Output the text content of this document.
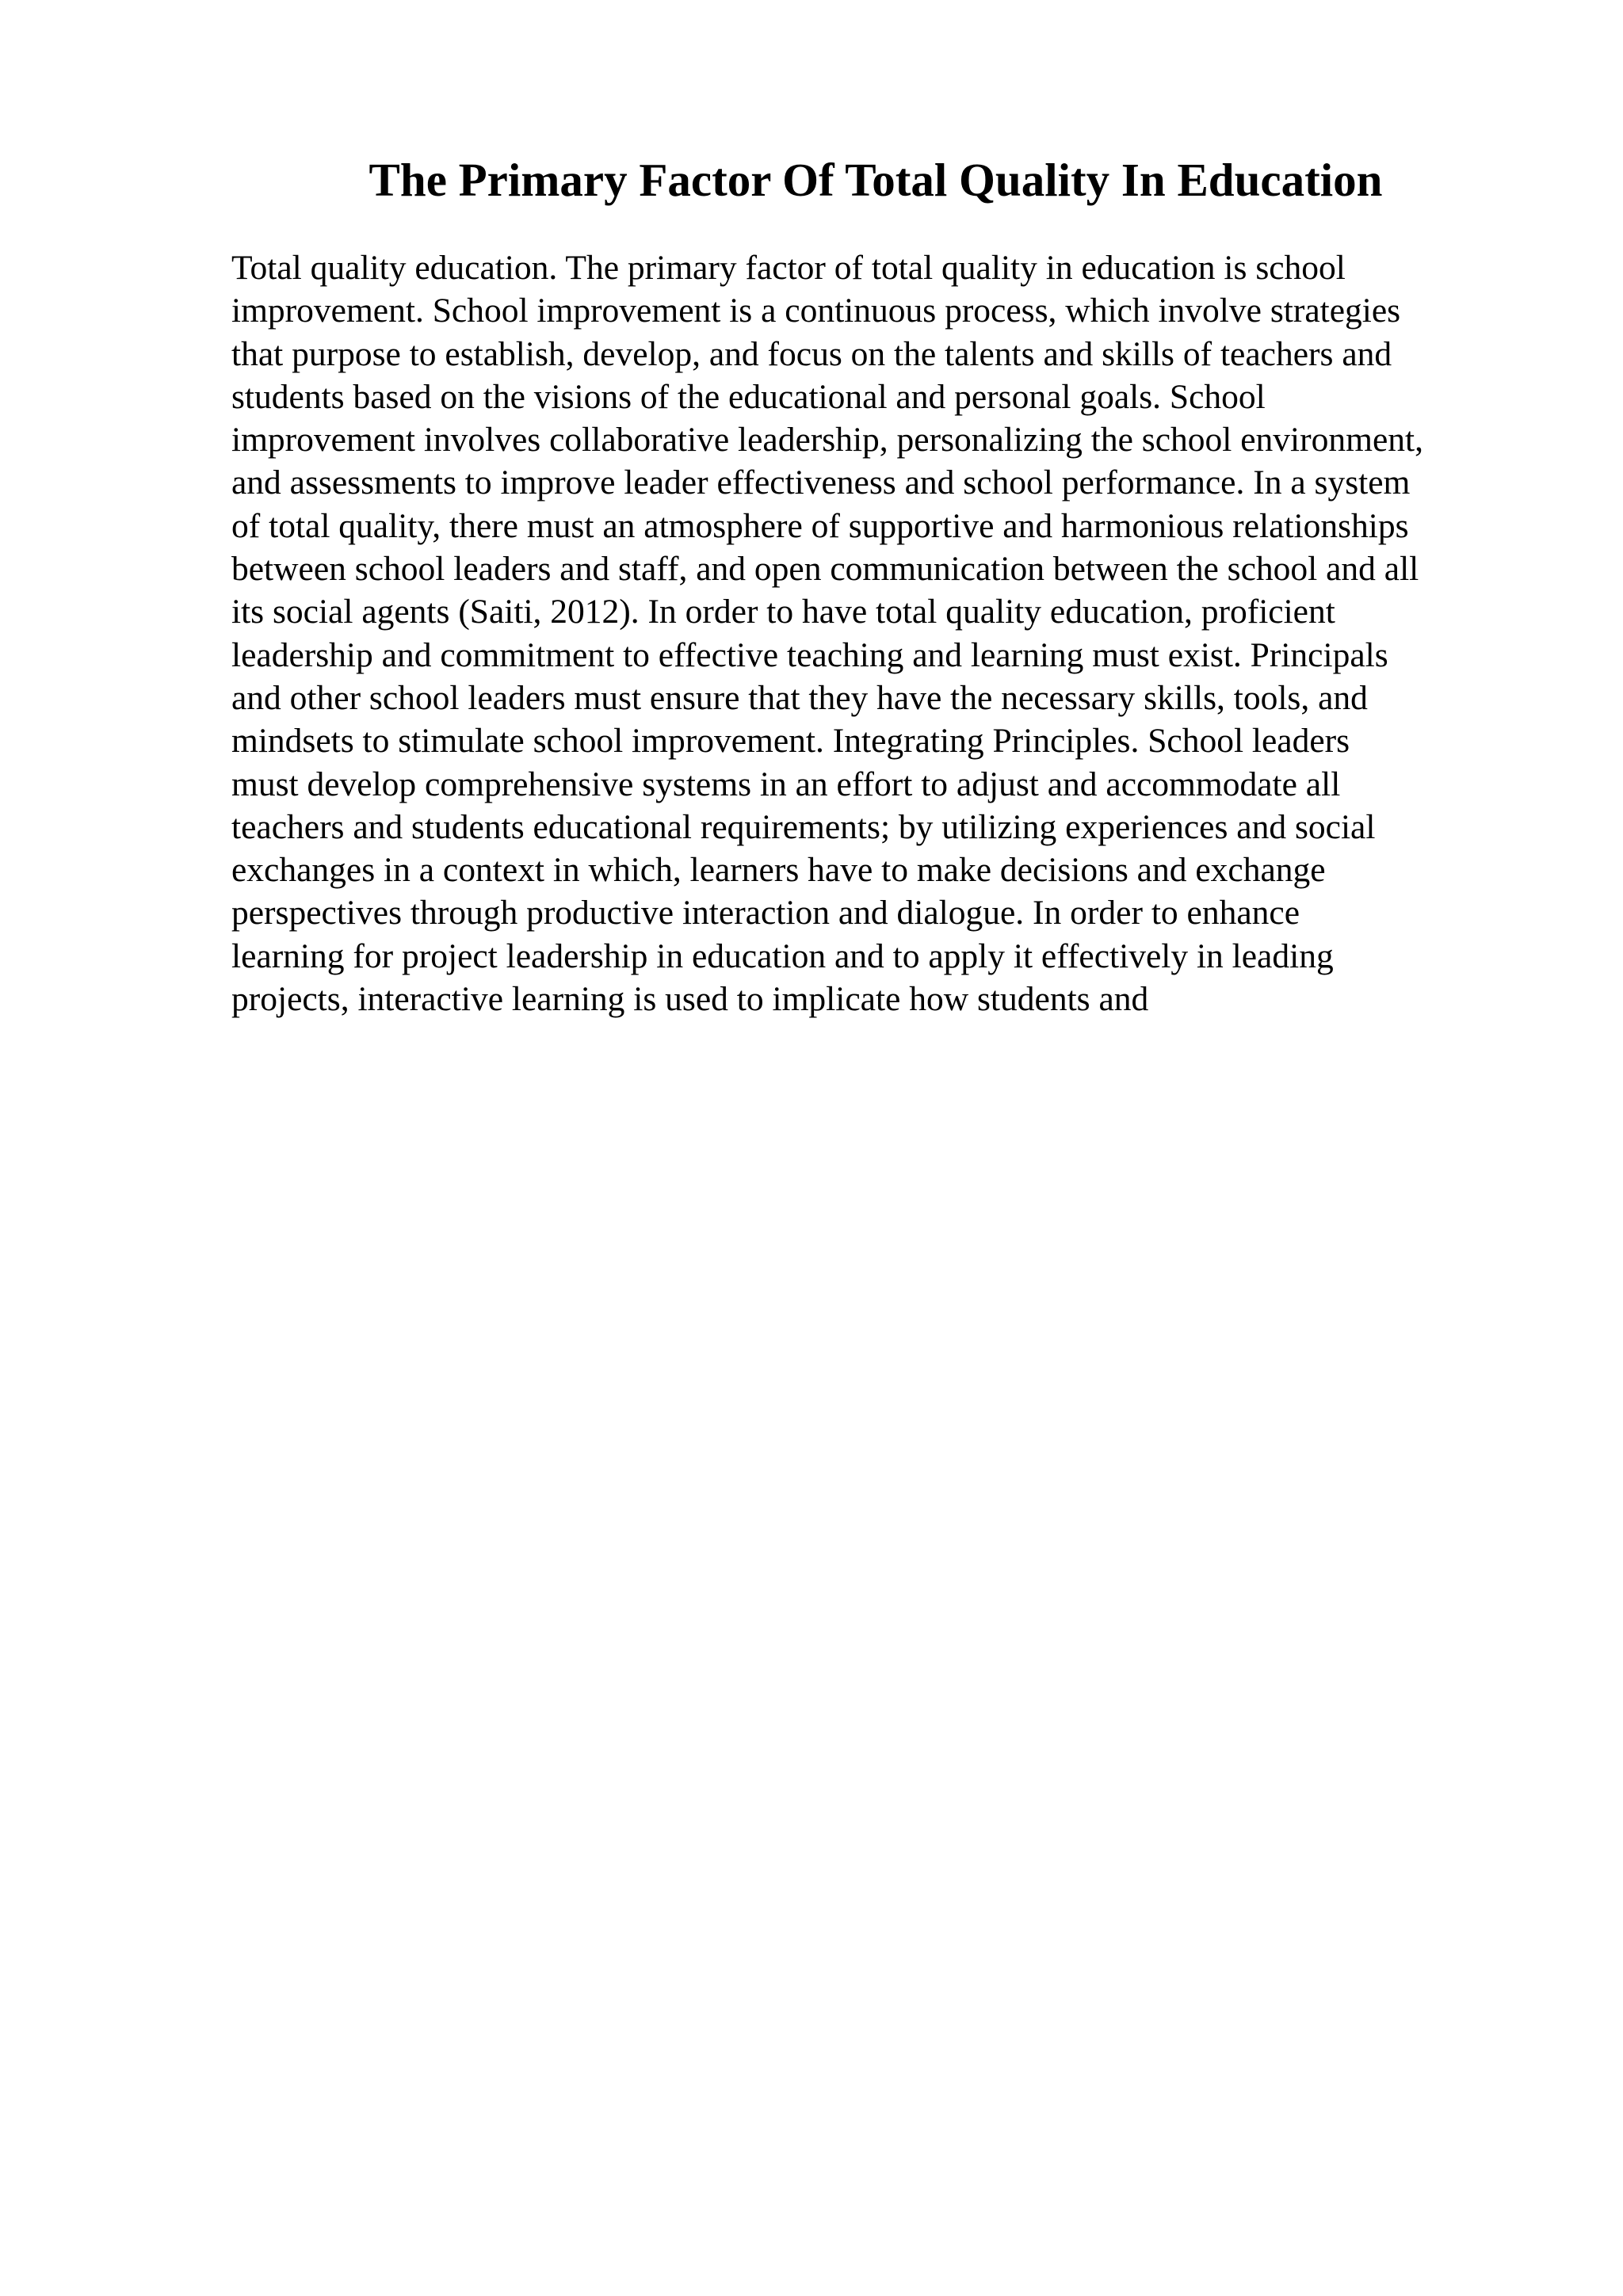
The Primary Factor Of Total Quality In Education
Total quality education. The primary factor of total quality in education is school
improvement. School improvement is a continuous process, which involve strategies
that purpose to establish, develop, and focus on the talents and skills of teachers and
students based on the visions of the educational and personal goals. School
improvement involves collaborative leadership, personalizing the school environment,
and assessments to improve leader effectiveness and school performance. In a system
of total quality, there must an atmosphere of supportive and harmonious relationships
between school leaders and staff, and open communication between the school and all
its social agents (Saiti, 2012). In order to have total quality education, proficient
leadership and commitment to effective teaching and learning must exist. Principals
and other school leaders must ensure that they have the necessary skills, tools, and
mindsets to stimulate school improvement. Integrating Principles. School leaders
must develop comprehensive systems in an effort to adjust and accommodate all
teachers and students educational requirements; by utilizing experiences and social
exchanges in a context in which, learners have to make decisions and exchange
perspectives through productive interaction and dialogue. In order to enhance
learning for project leadership in education and to apply it effectively in leading
projects, interactive learning is used to implicate how students and
